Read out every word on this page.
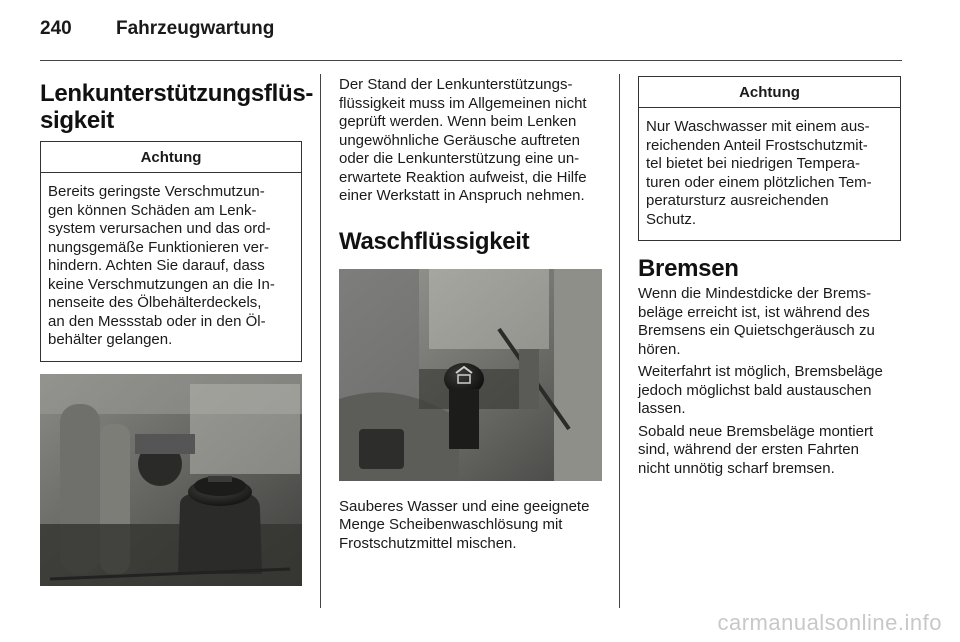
240 Fahrzeugwartung
Lenkunterstützungsflüs-
sigkeit
Achtung
Bereits geringste Verschmutzun-
gen können Schäden am Lenk-
system verursachen und das ord-
nungsgemäße Funktionieren ver-
hindern. Achten Sie darauf, dass
keine Verschmutzungen an die In-
nenseite des Ölbehälterdeckels,
an den Messstab oder in den Öl-
behälter gelangen.

Der Stand der Lenkunterstützungs-
flüssigkeit muss im Allgemeinen nicht
geprüft werden. Wenn beim Lenken
ungewöhnliche Geräusche auftreten
oder die Lenkunterstützung eine un-
erwartete Reaktion aufweist, die Hilfe
einer Werkstatt in Anspruch nehmen.

Waschflüssigkeit

Sauberes Wasser und eine geeignete
Menge Scheibenwaschlösung mit
Frostschutzmittel mischen.

Achtung
Nur Waschwasser mit einem aus-
reichenden Anteil Frostschutzmit-
tel bietet bei niedrigen Tempera-
turen oder einem plötzlichen Tem-
peratursturz ausreichenden
Schutz.
Bremsen

Wenn die Mindestdicke der Brems-
beläge erreicht ist, ist während des
Bremsens ein Quietschgeräusch zu
hören.

Weiterfahrt ist möglich, Bremsbeläge
jedoch möglichst bald austauschen
lassen.

Sobald neue Bremsbeläge montiert
sind, während der ersten Fahrten
nicht unnötig scharf bremsen.

carmanualsonline.info
